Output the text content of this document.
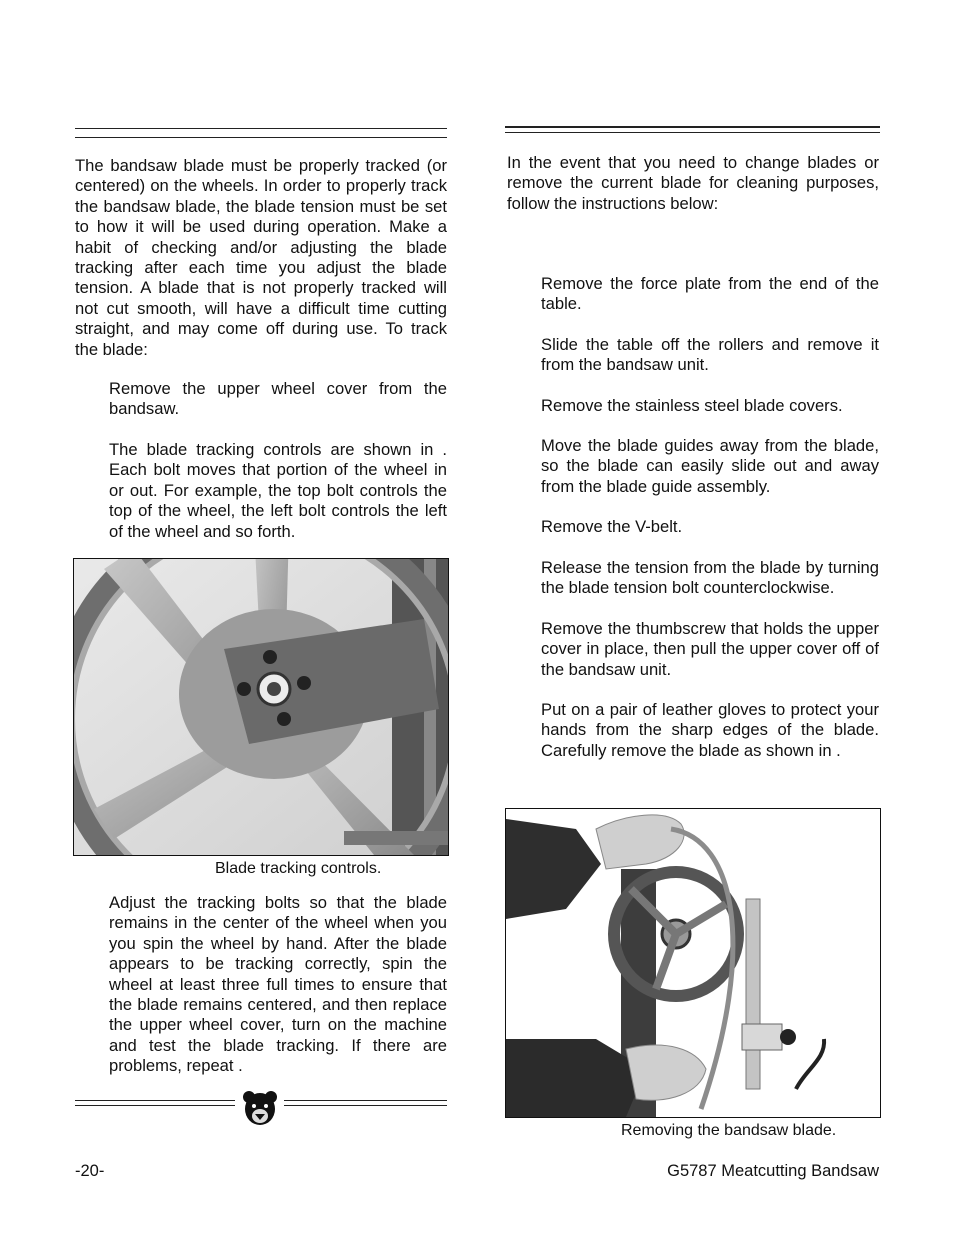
The bandsaw blade must be properly tracked (or centered) on the wheels. In order to properly track the bandsaw blade, the blade tension must be set to how it will be used during operation. Make a habit of checking and/or adjusting the blade tracking after each time you adjust the blade tension. A blade that is not properly tracked will not cut smooth, will have a difficult time cutting straight, and may come off during use. To track the blade:

Remove the upper wheel cover from the bandsaw.

The blade tracking controls are shown in . Each bolt moves that portion of the wheel in or out. For example, the top bolt controls the top of the wheel, the left bolt controls the left of the wheel and so forth.

Blade tracking controls.

Adjust the tracking bolts so that the blade remains in the center of the wheel when you you spin the wheel by hand. After the blade appears to be tracking correctly, spin the wheel at least three full times to ensure that the blade remains centered, and then replace the upper wheel cover, turn on the machine and test the blade tracking. If there are problems, repeat .

In the event that you need to change blades or remove the current blade for cleaning purposes, follow the instructions below:

Remove the force plate from the end of the table.

Slide the table off the rollers and remove it from the bandsaw unit.

Remove the stainless steel blade covers.

Move the blade guides away from the blade, so the blade can easily slide out and away from the blade guide assembly.

Remove the V-belt.

Release the tension from the blade by turning the blade tension bolt counterclockwise.

Remove the thumbscrew that holds the upper cover in place, then pull the upper cover off of the bandsaw unit.

Put on a pair of leather gloves to protect your hands from the sharp edges of the blade. Carefully remove the blade as shown in .

Removing the bandsaw blade.

-20-	G5787 Meatcutting Bandsaw
